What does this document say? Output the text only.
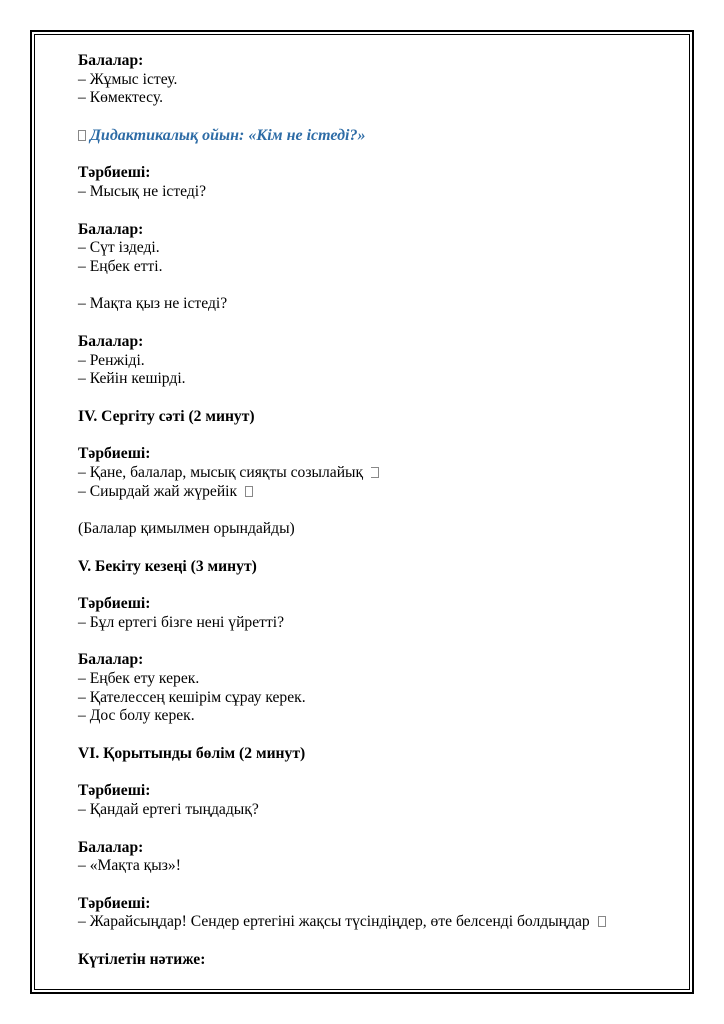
Балалар:

– Жұмыс істеу.

– Көмектесу.

Дидактикалық ойын: «Кім не істеді?»

Тәрбиеші:

– Мысық не істеді?

Балалар:

– Сүт іздеді.

– Еңбек етті.

– Мақта қыз не істеді?

Балалар:

– Ренжіді.

– Кейін кешірді.

IV. Сергіту сәті (2 минут)

Тәрбиеші:

– Қане, балалар, мысық сияқты созылайық

– Сиырдай жай жүрейік

(Балалар қимылмен орындайды)

V. Бекіту кезеңі (3 минут)

Тәрбиеші:

– Бұл ертегі бізге нені үйретті?

Балалар:

– Еңбек ету керек.

– Қателессең кешірім сұрау керек.

– Дос болу керек.

VI. Қорытынды бөлім (2 минут)

Тәрбиеші:

– Қандай ертегі тыңдадық?

Балалар:

– «Мақта қыз»!

Тәрбиеші:

– Жарайсыңдар! Сендер ертегіні жақсы түсіндіңдер, өте белсенді болдыңдар

Күтілетін нәтиже:
